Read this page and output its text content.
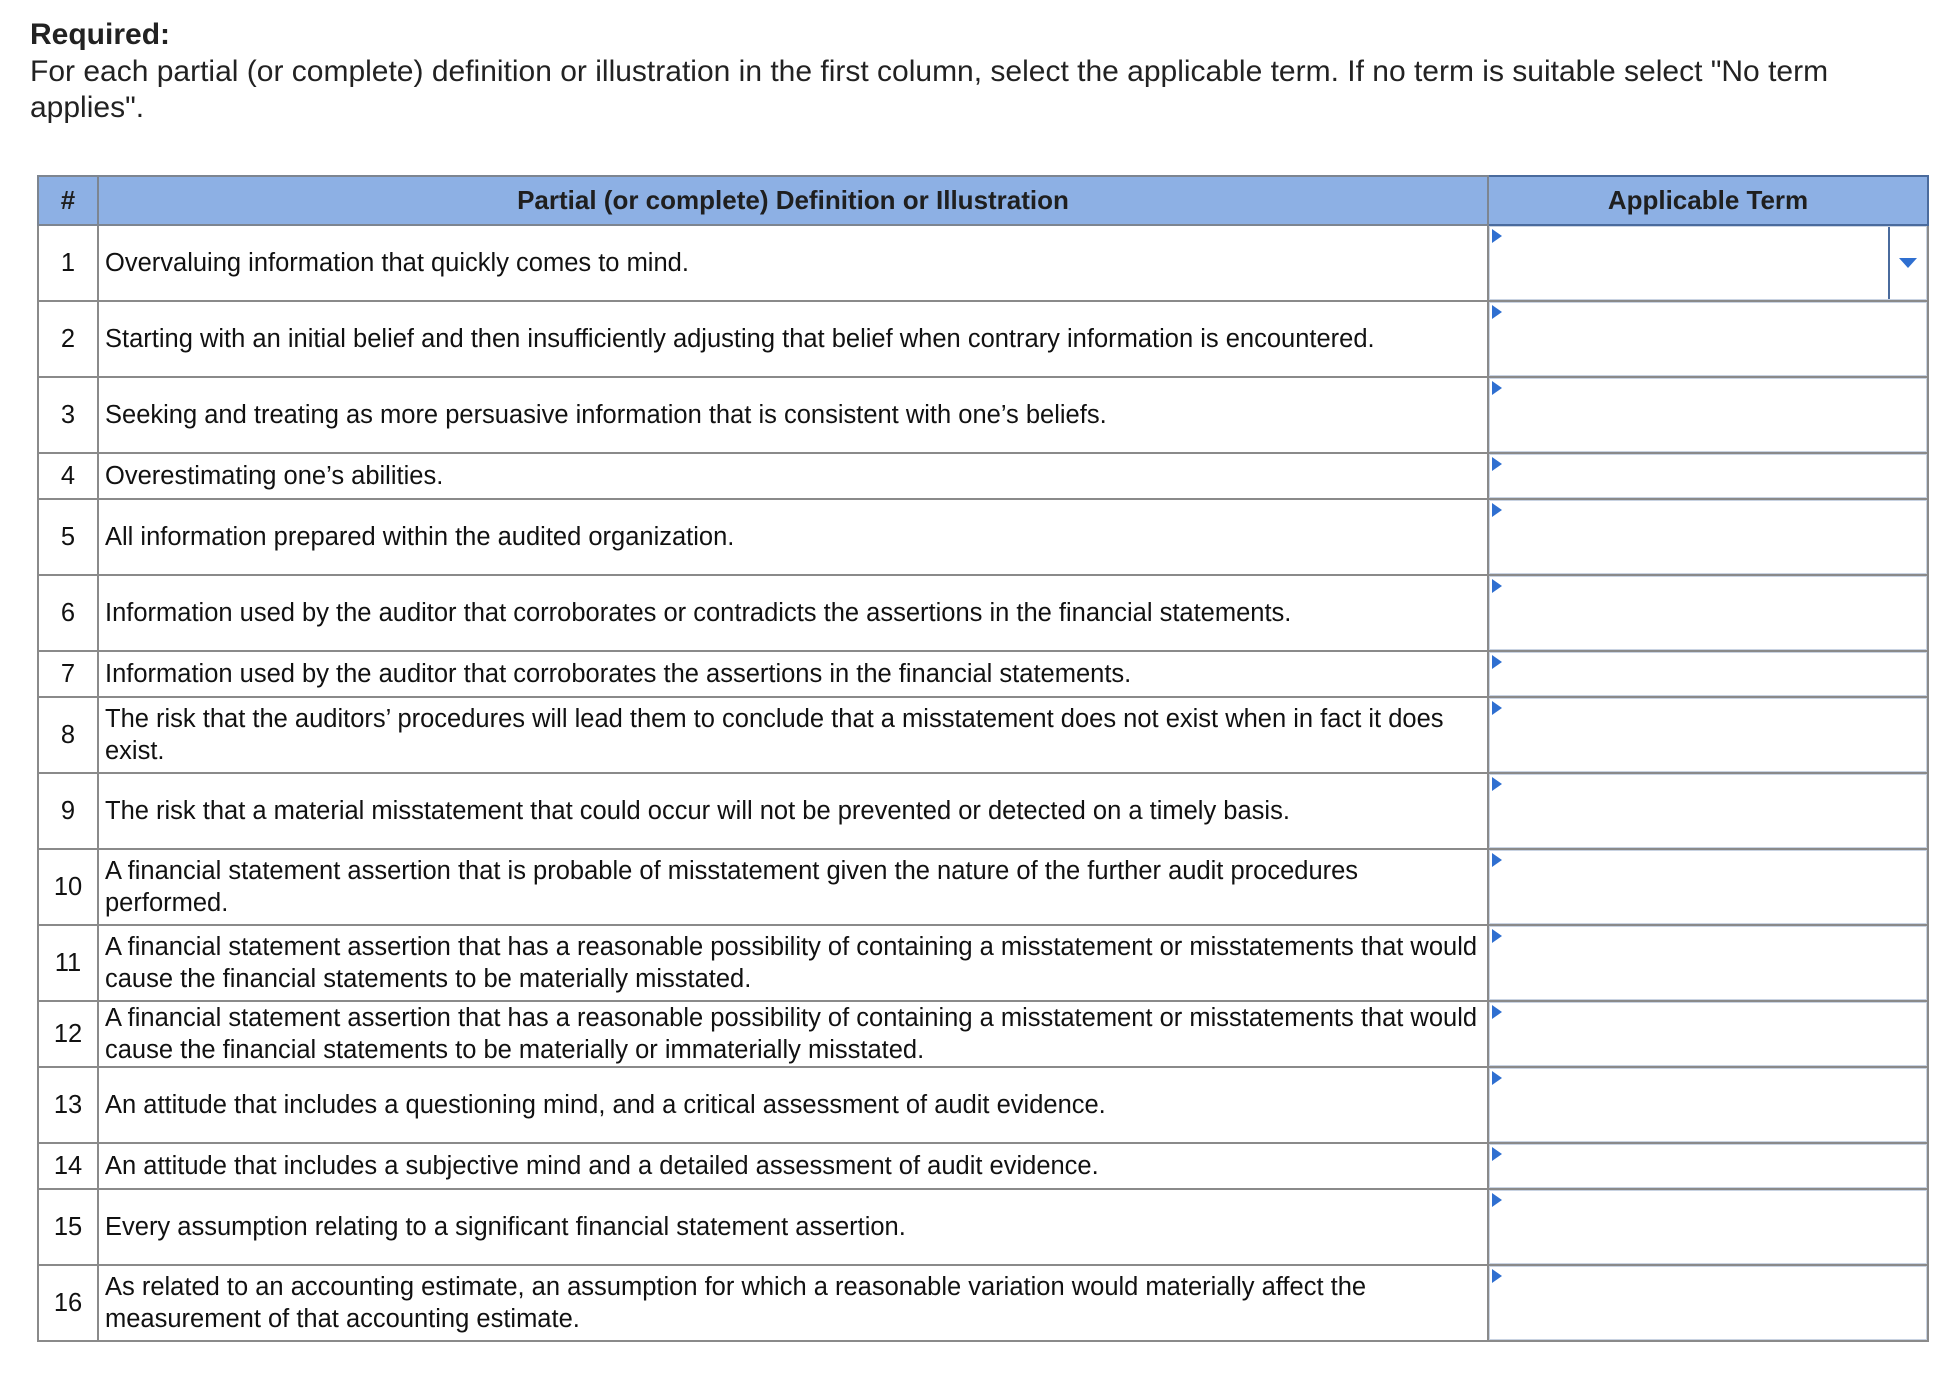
Required:
For each partial (or complete) definition or illustration in the first column, select the applicable term. If no term is suitable select "No term applies".
#	Partial (or complete) Definition or Illustration	Applicable Term
1	Overvaluing information that quickly comes to mind.	

2	Starting with an initial belief and then insufficiently adjusting that belief when contrary information is encountered.	

3	Seeking and treating as more persuasive information that is consistent with one’s beliefs.	

4	Overestimating one’s abilities.	

5	All information prepared within the audited organization.	

6	Information used by the auditor that corroborates or contradicts the assertions in the financial statements.	

7	Information used by the auditor that corroborates the assertions in the financial statements.	

8	The risk that the auditors’ procedures will lead them to conclude that a misstatement does not exist when in fact it does exist.	

9	The risk that a material misstatement that could occur will not be prevented or detected on a timely basis.	

10	A financial statement assertion that is probable of misstatement given the nature of the further audit procedures performed.	

11	A financial statement assertion that has a reasonable possibility of containing a misstatement or misstatements that would cause the financial statements to be materially misstated.	

12	A financial statement assertion that has a reasonable possibility of containing a misstatement or misstatements that would cause the financial statements to be materially or immaterially misstated.	

13	An attitude that includes a questioning mind, and a critical assessment of audit evidence.	

14	An attitude that includes a subjective mind and a detailed assessment of audit evidence.	

15	Every assumption relating to a significant financial statement assertion.	

16	As related to an accounting estimate, an assumption for which a reasonable variation would materially affect the measurement of that accounting estimate.	
